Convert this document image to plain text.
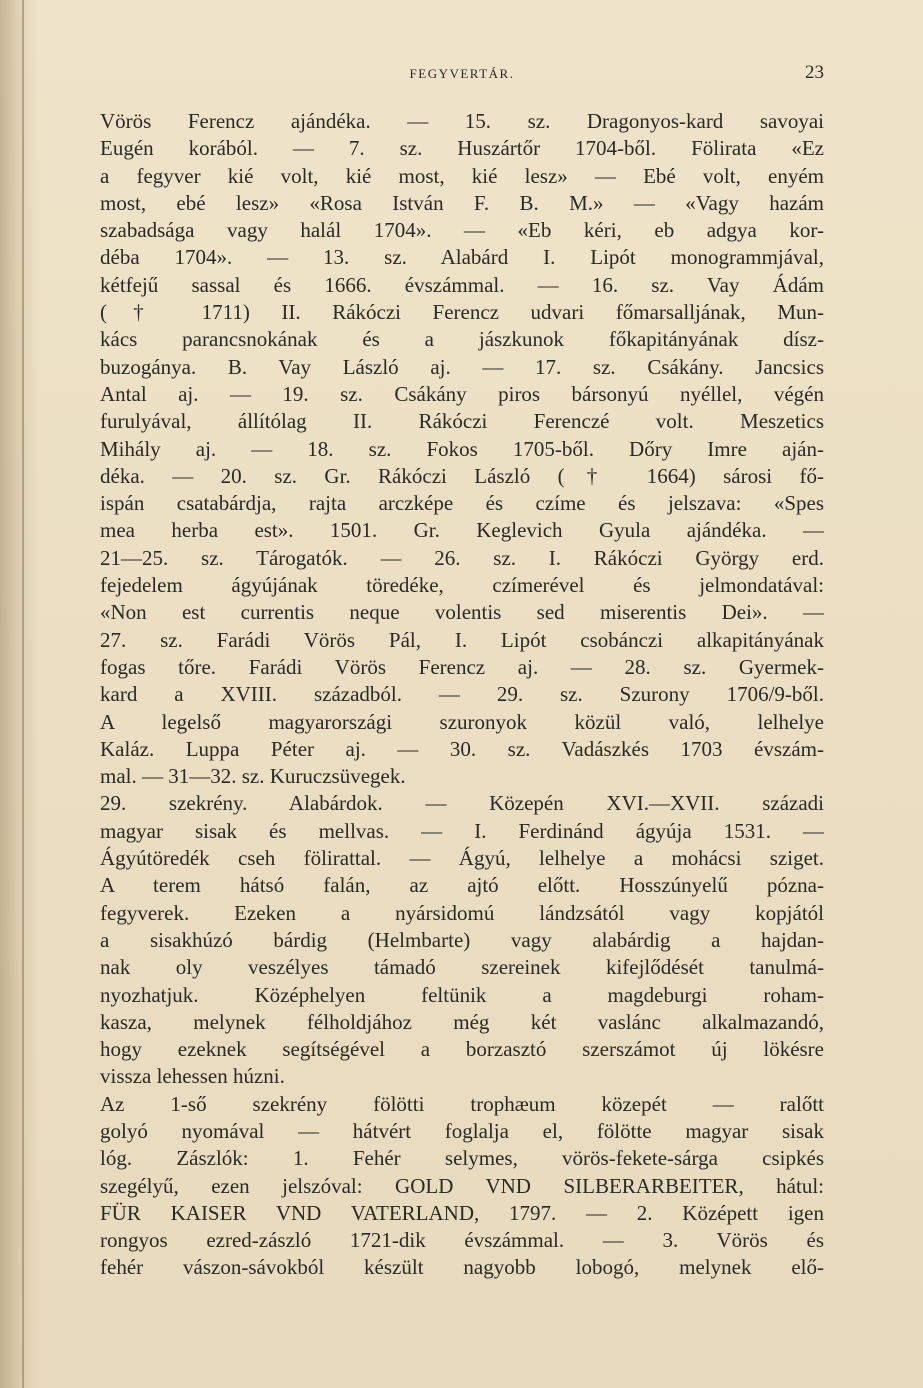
FEGYVERTÁR.	23
Vörös Ferencz ajándéka. — 15. sz. Dragonyos-kard savoyai
Eugén korából. — 7. sz. Huszártőr 1704-ből. Fölirata «Ez
a fegyver kié volt, kié most, kié lesz» — Ebé volt, enyém
most, ebé lesz» «Rosa István F. B. M.» — «Vagy hazám
szabadsága vagy halál 1704». — «Eb kéri, eb adgya kor-
déba 1704». — 13. sz. Alabárd I. Lipót monogrammjával,
kétfejű sassal és 1666. évszámmal. — 16. sz. Vay Ádám
(† 1711) II. Rákóczi Ferencz udvari főmarsalljának, Mun-
kács parancsnokának és a jászkunok főkapitányának dísz-
buzogánya. B. Vay László aj. — 17. sz. Csákány. Jancsics
Antal aj. — 19. sz. Csákány piros bársonyú nyéllel, végén
furulyával, állítólag II. Rákóczi Ferenczé volt. Meszetics
Mihály aj. — 18. sz. Fokos 1705-ből. Dőry Imre aján-
déka. — 20. sz. Gr. Rákóczi László († 1664) sárosi fő-
ispán csatabárdja, rajta arczképe és czíme és jelszava: «Spes
mea herba est». 1501. Gr. Keglevich Gyula ajándéka. —
21—25. sz. Tárogatók. — 26. sz. I. Rákóczi György erd.
fejedelem ágyújának töredéke, czímerével és jelmondatával:
«Non est currentis neque volentis sed miserentis Dei». —
27. sz. Farádi Vörös Pál, I. Lipót csobánczi alkapitányának
fogas tőre. Farádi Vörös Ferencz aj. — 28. sz. Gyermek-
kard a XVIII. századból. — 29. sz. Szurony 1706/9-ből.
A legelső magyarországi szuronyok közül való, lelhelye
Kaláz. Luppa Péter aj. — 30. sz. Vadászkés 1703 évszám-
mal. — 31—32. sz. Kuruczsüvegek.
29. szekrény. Alabárdok. — Közepén XVI.—XVII. századi
magyar sisak és mellvas. — I. Ferdinánd ágyúja 1531. —
Ágyútöredék cseh fölirattal. — Ágyú, lelhelye a mohácsi sziget.
A terem hátsó falán, az ajtó előtt. Hosszúnyelű pózna-
fegyverek. Ezeken a nyársidomú lándzsától vagy kopjától
a sisakhúzó bárdig (Helmbarte) vagy alabárdig a hajdan-
nak oly veszélyes támadó szereinek kifejlődését tanulmá-
nyozhatjuk. Középhelyen feltünik a magdeburgi roham-
kasza, melynek félholdjához még két vaslánc alkalmazandó,
hogy ezeknek segítségével a borzasztó szerszámot új lökésre
vissza lehessen húzni.
Az 1-ső szekrény fölötti trophæum közepét — ralőtt
golyó nyomával — hátvért foglalja el, fölötte magyar sisak
lóg. Zászlók: 1. Fehér selymes, vörös-fekete-sárga csipkés
szegélyű, ezen jelszóval: GOLD VND SILBERARBEITER, hátul:
FÜR KAISER VND VATERLAND, 1797. — 2. Középett igen
rongyos ezred-zászló 1721-dik évszámmal. — 3. Vörös és
fehér vászon-sávokból készült nagyobb lobogó, melynek elő-
